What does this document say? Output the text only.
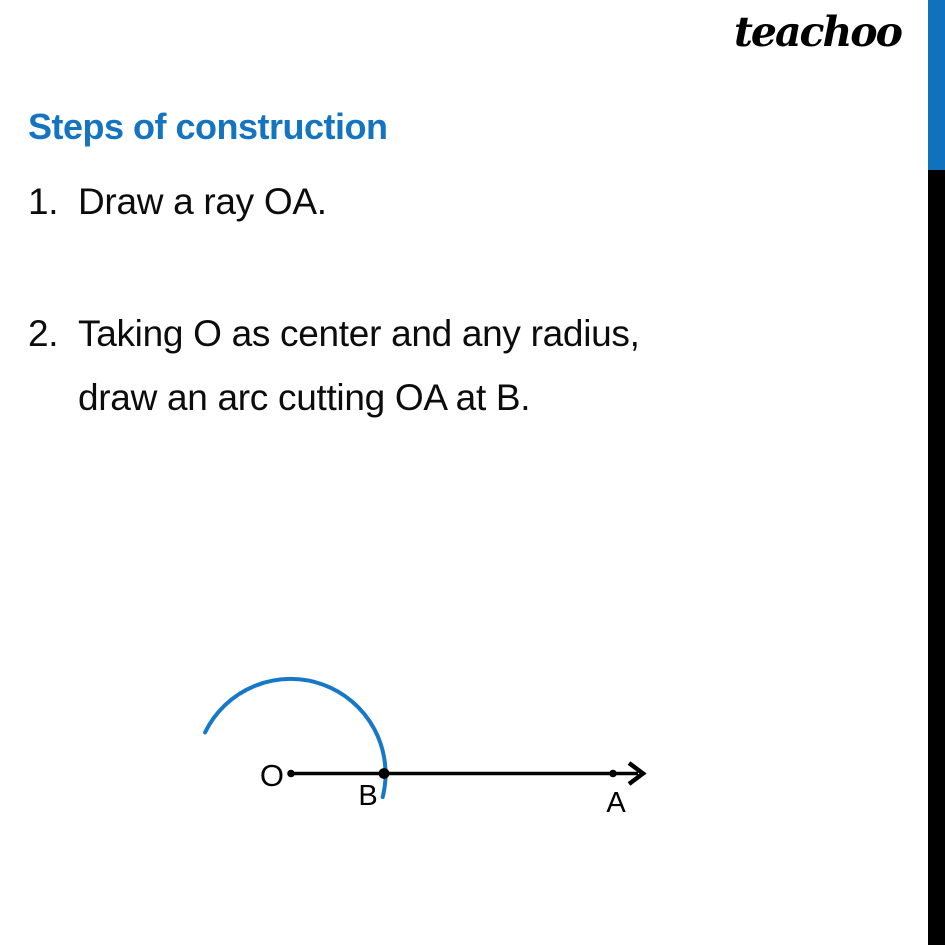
teachoo
Steps of construction
1. Draw a ray OA.
2. Taking O as center and any radius,
draw an arc cutting OA at B.
O
B	A
